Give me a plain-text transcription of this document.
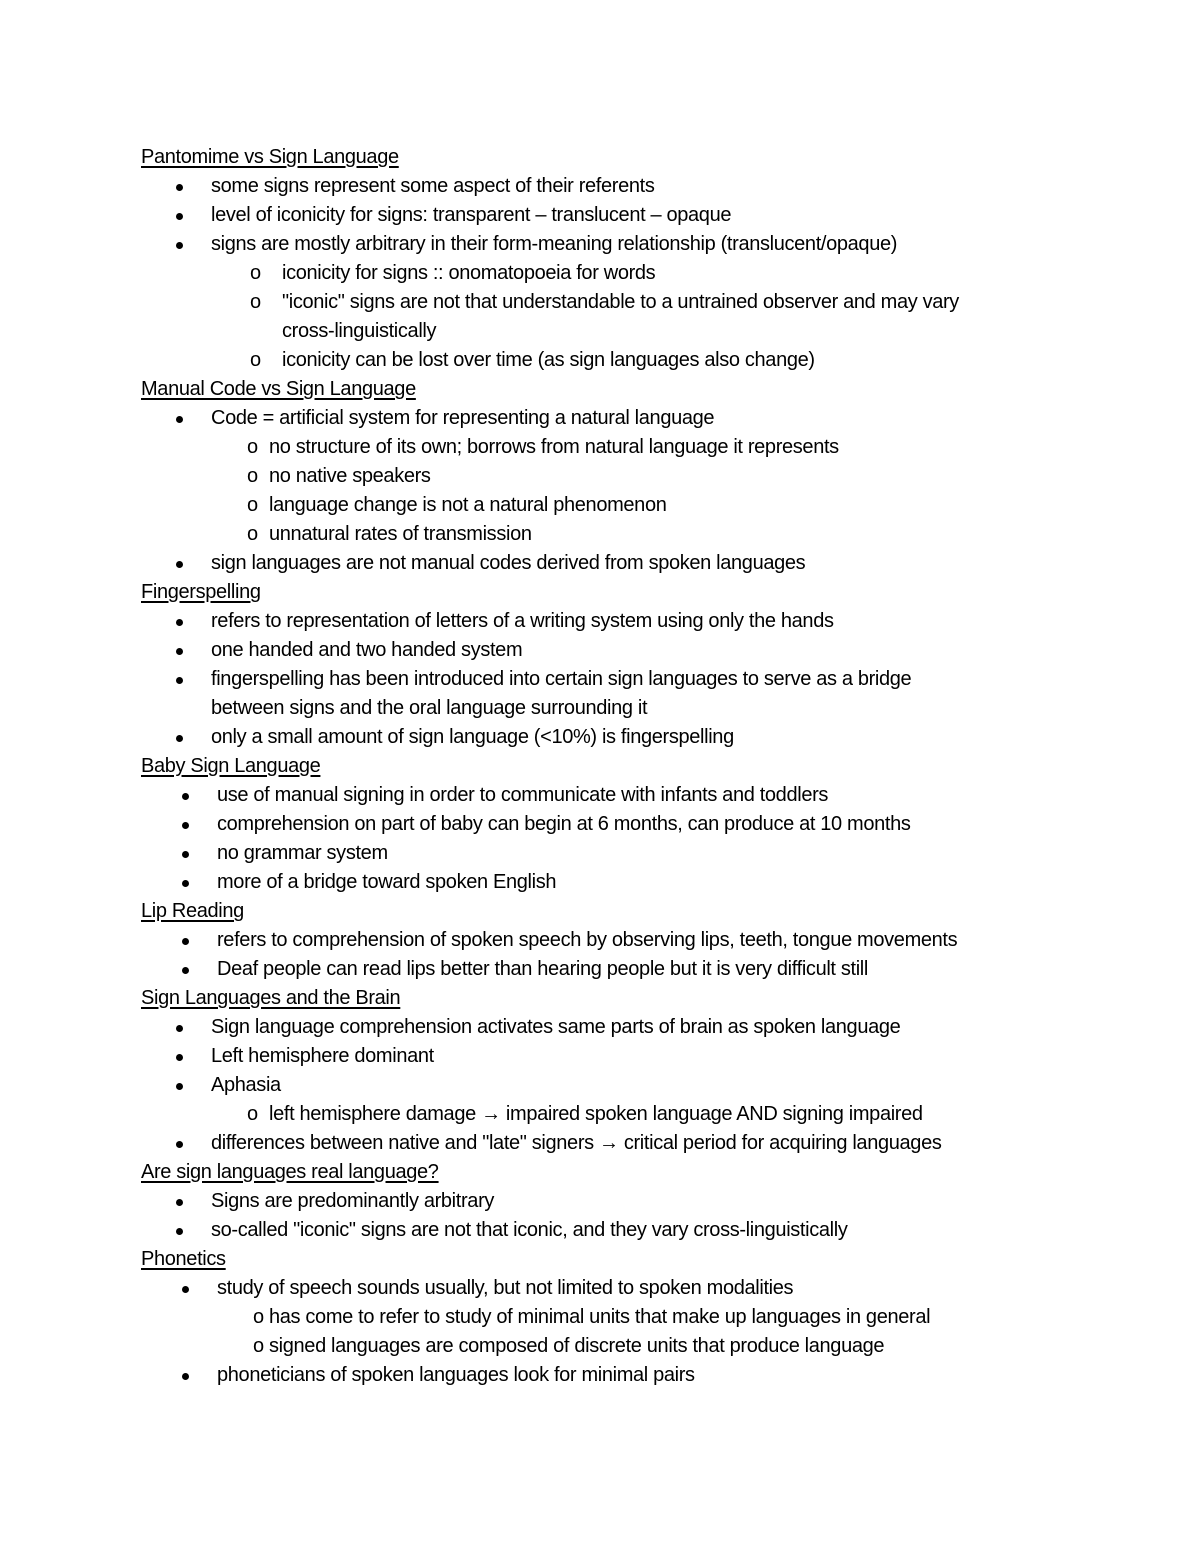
Pantomime vs Sign Language
some signs represent some aspect of their referents
level of iconicity for signs: transparent – translucent – opaque
signs are mostly arbitrary in their form-meaning relationship (translucent/opaque)
o iconicity for signs :: onomatopoeia for words
o "iconic" signs are not that understandable to a untrained observer and may vary
cross-linguistically
o iconicity can be lost over time (as sign languages also change)
Manual Code vs Sign Language
Code = artificial system for representing a natural language
o no structure of its own; borrows from natural language it represents
o no native speakers
o language change is not a natural phenomenon
o unnatural rates of transmission
sign languages are not manual codes derived from spoken languages
Fingerspelling
refers to representation of letters of a writing system using only the hands
one handed and two handed system
fingerspelling has been introduced into certain sign languages to serve as a bridge
between signs and the oral language surrounding it
only a small amount of sign language (<10%) is fingerspelling
Baby Sign Language
use of manual signing in order to communicate with infants and toddlers
comprehension on part of baby can begin at 6 months, can produce at 10 months
no grammar system
more of a bridge toward spoken English
Lip Reading
refers to comprehension of spoken speech by observing lips, teeth, tongue movements
Deaf people can read lips better than hearing people but it is very difficult still
Sign Languages and the Brain
Sign language comprehension activates same parts of brain as spoken language
Left hemisphere dominant
Aphasia
o left hemisphere damage → impaired spoken language AND signing impaired
differences between native and "late" signers → critical period for acquiring languages
Are sign languages real language?
Signs are predominantly arbitrary
so-called "iconic" signs are not that iconic, and they vary cross-linguistically
Phonetics
study of speech sounds usually, but not limited to spoken modalities
o has come to refer to study of minimal units that make up languages in general
o signed languages are composed of discrete units that produce language
phoneticians of spoken languages look for minimal pairs
